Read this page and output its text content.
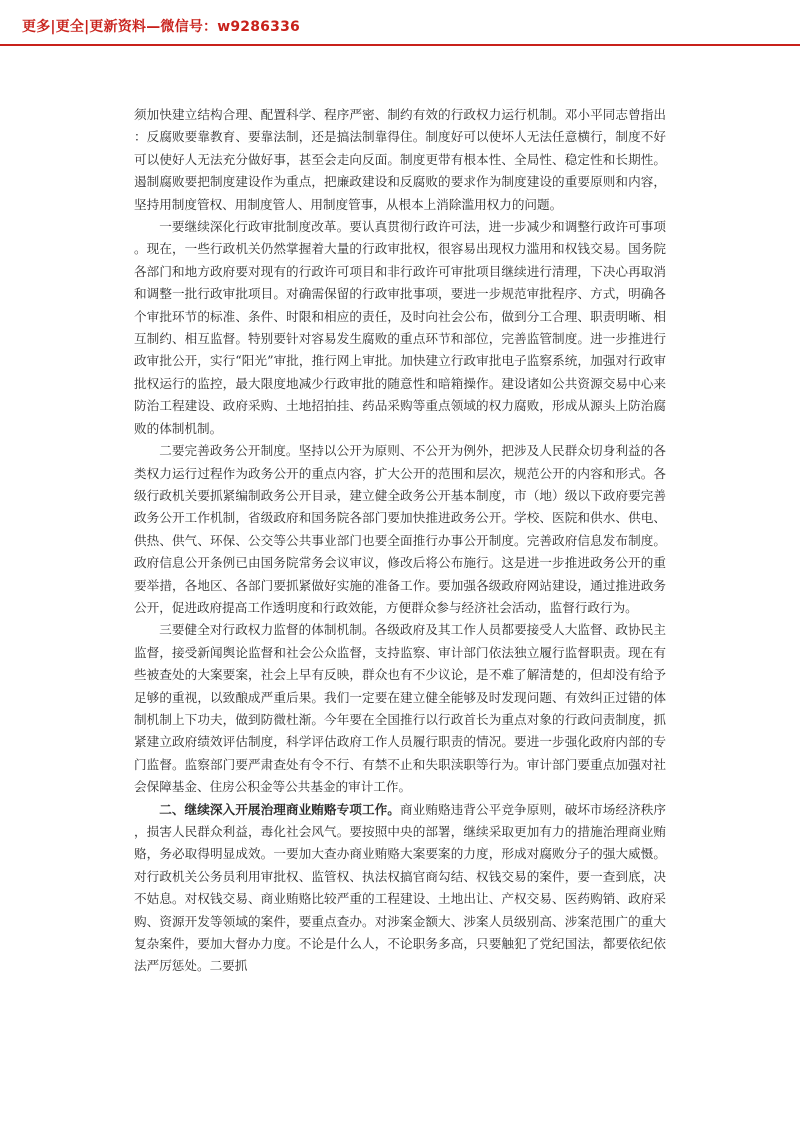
更多|更全|更新资料—微信号：w9286336

须加快建立结构合理、配置科学、程序严密、制约有效的行政权力运行机制。邓小平同志曾指出：反腐败要靠教育、要靠法制，还是搞法制靠得住。制度好可以使坏人无法任意横行，制度不好可以使好人无法充分做好事，甚至会走向反面。制度更带有根本性、全局性、稳定性和长期性。遏制腐败要把制度建设作为重点，把廉政建设和反腐败的要求作为制度建设的重要原则和内容，坚持用制度管权、用制度管人、用制度管事，从根本上消除滥用权力的问题。

一要继续深化行政审批制度改革。要认真贯彻行政许可法，进一步减少和调整行政许可事项。现在，一些行政机关仍然掌握着大量的行政审批权，很容易出现权力滥用和权钱交易。国务院各部门和地方政府要对现有的行政许可项目和非行政许可审批项目继续进行清理，下决心再取消和调整一批行政审批项目。对确需保留的行政审批事项，要进一步规范审批程序、方式，明确各个审批环节的标准、条件、时限和相应的责任，及时向社会公布，做到分工合理、职责明晰、相互制约、相互监督。特别要针对容易发生腐败的重点环节和部位，完善监管制度。进一步推进行政审批公开，实行“阳光”审批，推行网上审批。加快建立行政审批电子监察系统，加强对行政审批权运行的监控，最大限度地减少行政审批的随意性和暗箱操作。建设诸如公共资源交易中心来防治工程建设、政府采购、土地招拍挂、药品采购等重点领域的权力腐败，形成从源头上防治腐败的体制机制。

二要完善政务公开制度。坚持以公开为原则、不公开为例外，把涉及人民群众切身利益的各类权力运行过程作为政务公开的重点内容，扩大公开的范围和层次，规范公开的内容和形式。各级行政机关要抓紧编制政务公开目录，建立健全政务公开基本制度，市（地）级以下政府要完善政务公开工作机制，省级政府和国务院各部门要加快推进政务公开。学校、医院和供水、供电、供热、供气、环保、公交等公共事业部门也要全面推行办事公开制度。完善政府信息发布制度。政府信息公开条例已由国务院常务会议审议，修改后将公布施行。这是进一步推进政务公开的重要举措，各地区、各部门要抓紧做好实施的准备工作。要加强各级政府网站建设，通过推进政务公开，促进政府提高工作透明度和行政效能，方便群众参与经济社会活动，监督行政行为。

三要健全对行政权力监督的体制机制。各级政府及其工作人员都要接受人大监督、政协民主监督，接受新闻舆论监督和社会公众监督，支持监察、审计部门依法独立履行监督职责。现在有些被查处的大案要案，社会上早有反映，群众也有不少议论，是不难了解清楚的，但却没有给予足够的重视，以致酿成严重后果。我们一定要在建立健全能够及时发现问题、有效纠正过错的体制机制上下功夫，做到防微杜渐。今年要在全国推行以行政首长为重点对象的行政问责制度，抓紧建立政府绩效评估制度，科学评估政府工作人员履行职责的情况。要进一步强化政府内部的专门监督。监察部门要严肃查处有令不行、有禁不止和失职渎职等行为。审计部门要重点加强对社会保障基金、住房公积金等公共基金的审计工作。

二、继续深入开展治理商业贿赂专项工作。商业贿赂违背公平竞争原则，破坏市场经济秩序，损害人民群众利益，毒化社会风气。要按照中央的部署，继续采取更加有力的措施治理商业贿赂，务必取得明显成效。一要加大查办商业贿赂大案要案的力度，形成对腐败分子的强大威慑。对行政机关公务员利用审批权、监管权、执法权搞官商勾结、权钱交易的案件，要一查到底，决不姑息。对权钱交易、商业贿赂比较严重的工程建设、土地出让、产权交易、医药购销、政府采购、资源开发等领域的案件，要重点查办。对涉案金额大、涉案人员级别高、涉案范围广的重大复杂案件，要加大督办力度。不论是什么人，不论职务多高，只要触犯了党纪国法，都要依纪依法严厉惩处。二要抓
